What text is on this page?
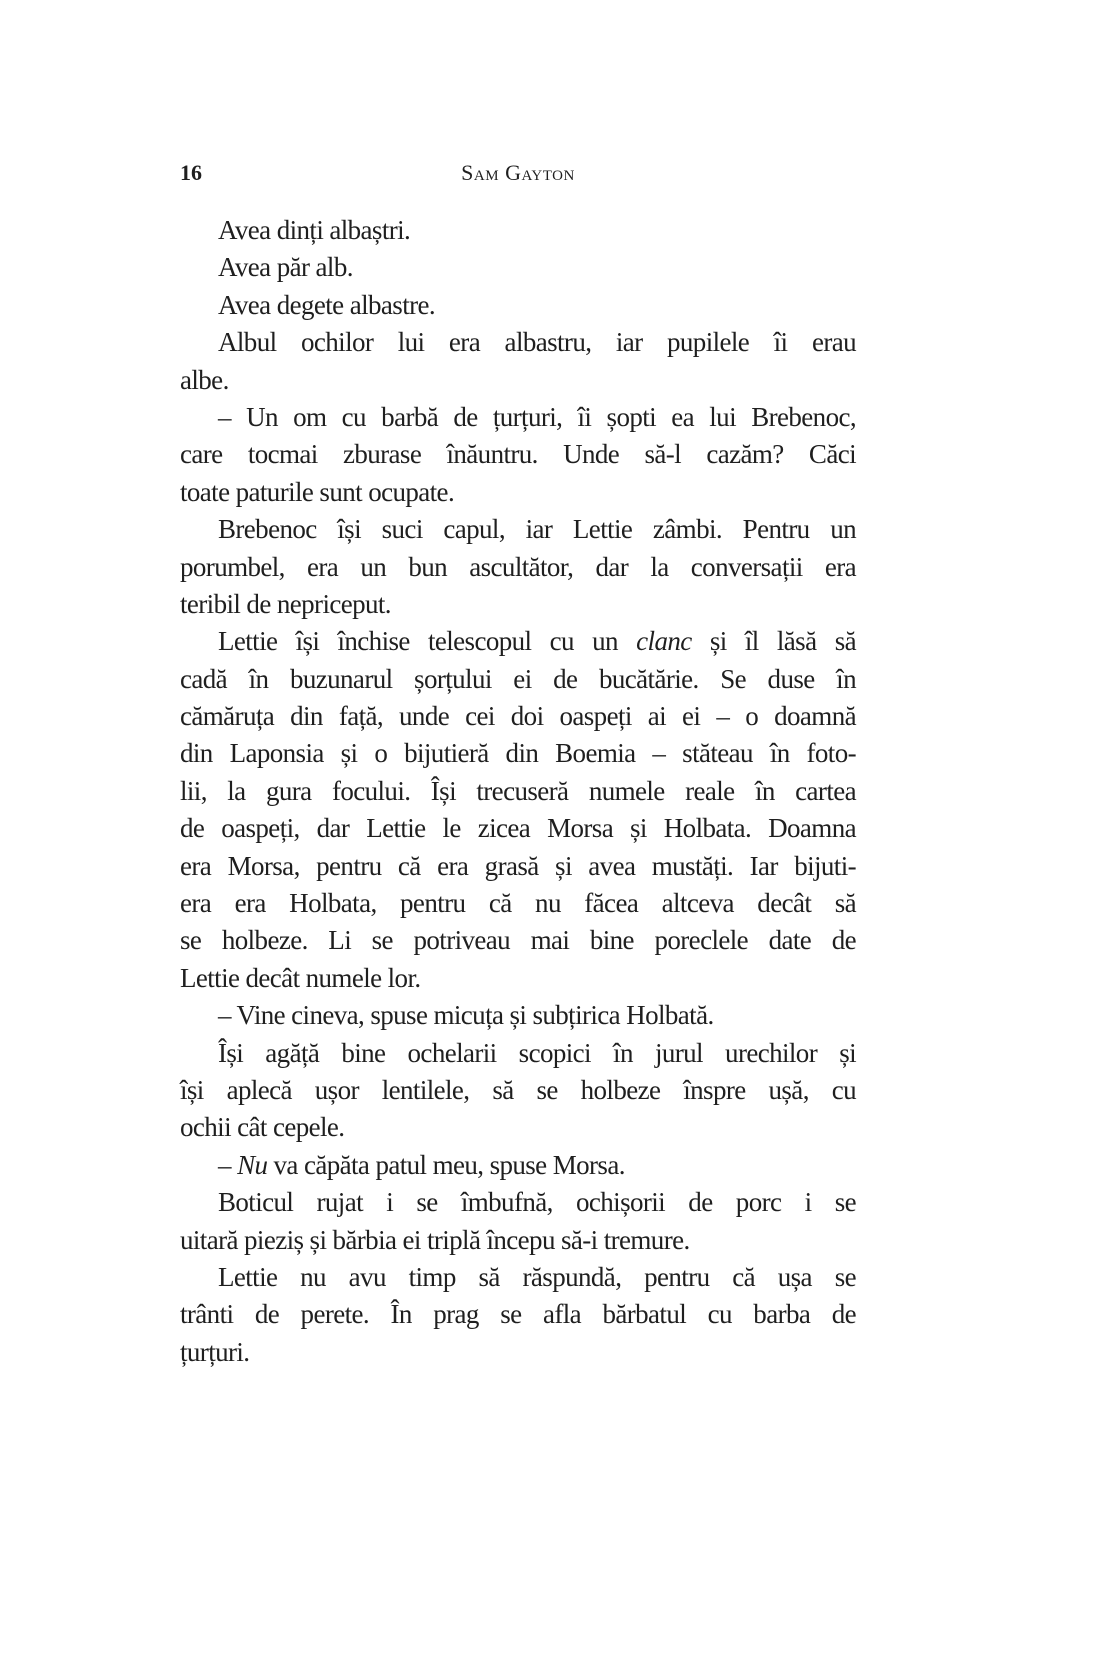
16	Sam Gayton
Avea dinți albaștri.
Avea păr alb.
Avea degete albastre.
Albul ochilor lui era albastru, iar pupilele îi erau
albe.
– Un om cu barbă de țurțuri, îi șopti ea lui Brebenoc,
care tocmai zburase înăuntru. Unde să-l cazăm? Căci
toate paturile sunt ocupate.
Brebenoc își suci capul, iar Lettie zâmbi. Pentru un
porumbel, era un bun ascultător, dar la conversații era
teribil de nepriceput.
Lettie își închise telescopul cu un clanc și îl lăsă să
cadă în buzunarul șorțului ei de bucătărie. Se duse în
cămăruța din față, unde cei doi oaspeți ai ei – o doamnă
din Laponsia și o bijutieră din Boemia – stăteau în foto-
lii, la gura focului. Își trecuseră numele reale în cartea
de oaspeți, dar Lettie le zicea Morsa și Holbata. Doamna
era Morsa, pentru că era grasă și avea mustăți. Iar bijuti-
era era Holbata, pentru că nu făcea altceva decât să
se holbeze. Li se potriveau mai bine poreclele date de
Lettie decât numele lor.
– Vine cineva, spuse micuța și subțirica Holbată.
Își agăță bine ochelarii scopici în jurul urechilor și
își aplecă ușor lentilele, să se holbeze înspre ușă, cu
ochii cât cepele.
– Nu va căpăta patul meu, spuse Morsa.
Boticul rujat i se îmbufnă, ochișorii de porc i se
uitară pieziș și bărbia ei triplă începu să-i tremure.
Lettie nu avu timp să răspundă, pentru că ușa se
trânti de perete. În prag se afla bărbatul cu barba de
țurțuri.
